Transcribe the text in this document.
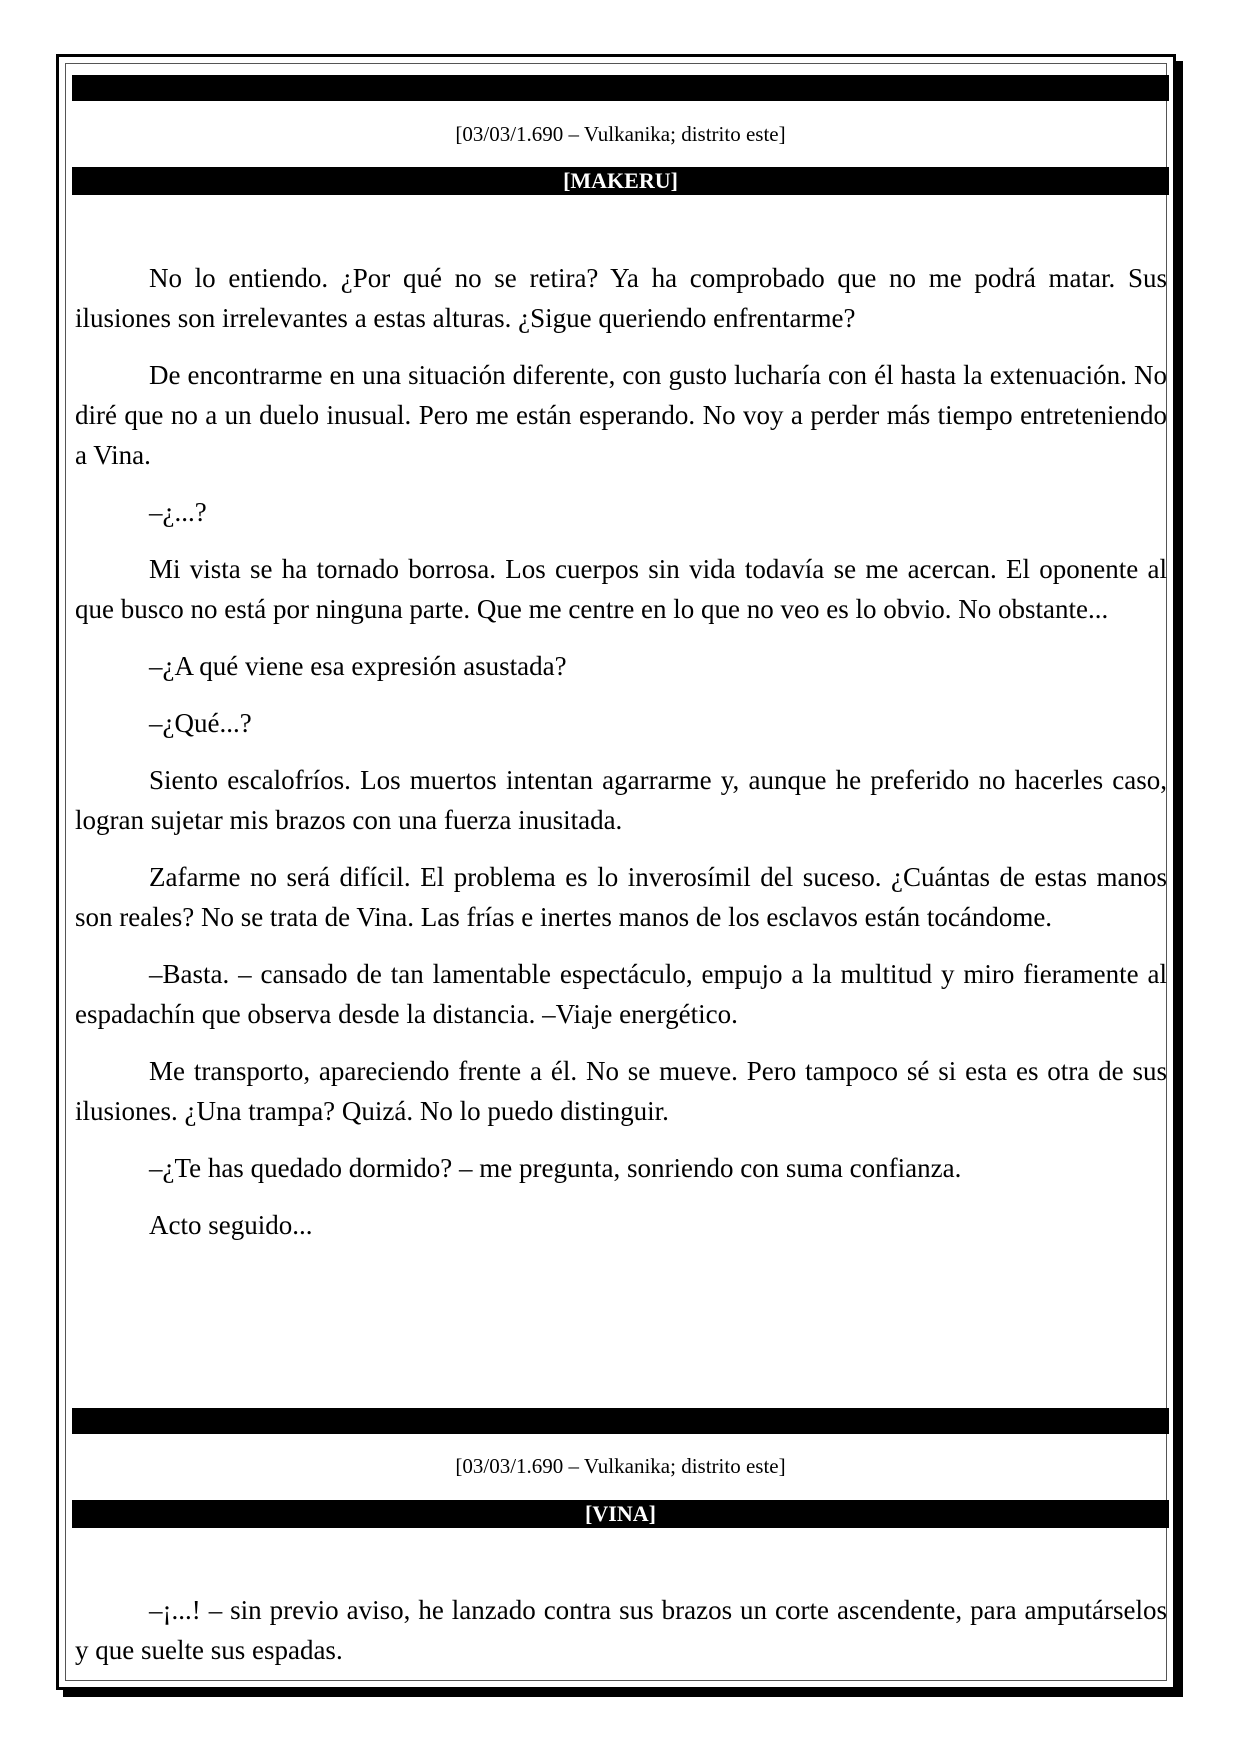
[03/03/1.690 – Vulkanika; distrito este]
[MAKERU]

No lo entiendo. ¿Por qué no se retira? Ya ha comprobado que no me podrá matar. Sus ilusiones son irrelevantes a estas alturas. ¿Sigue queriendo enfrentarme?

De encontrarme en una situación diferente, con gusto lucharía con él hasta la extenuación. No diré que no a un duelo inusual. Pero me están esperando. No voy a perder más tiempo entreteniendo a Vina.

–¿...?

Mi vista se ha tornado borrosa. Los cuerpos sin vida todavía se me acercan. El oponente al que busco no está por ninguna parte. Que me centre en lo que no veo es lo obvio. No obstante...

–¿A qué viene esa expresión asustada?

–¿Qué...?

Siento escalofríos. Los muertos intentan agarrarme y, aunque he preferido no hacerles caso, logran sujetar mis brazos con una fuerza inusitada.

Zafarme no será difícil. El problema es lo inverosímil del suceso. ¿Cuántas de estas manos son reales? No se trata de Vina. Las frías e inertes manos de los esclavos están tocándome.

–Basta. – cansado de tan lamentable espectáculo, empujo a la multitud y miro fieramente al espadachín que observa desde la distancia. –Viaje energético.

Me transporto, apareciendo frente a él. No se mueve. Pero tampoco sé si esta es otra de sus ilusiones. ¿Una trampa? Quizá. No lo puedo distinguir.

–¿Te has quedado dormido? – me pregunta, sonriendo con suma confianza.

Acto seguido...

[03/03/1.690 – Vulkanika; distrito este]
[VINA]

–¡...! – sin previo aviso, he lanzado contra sus brazos un corte ascendente, para amputárselos y que suelte sus espadas.
